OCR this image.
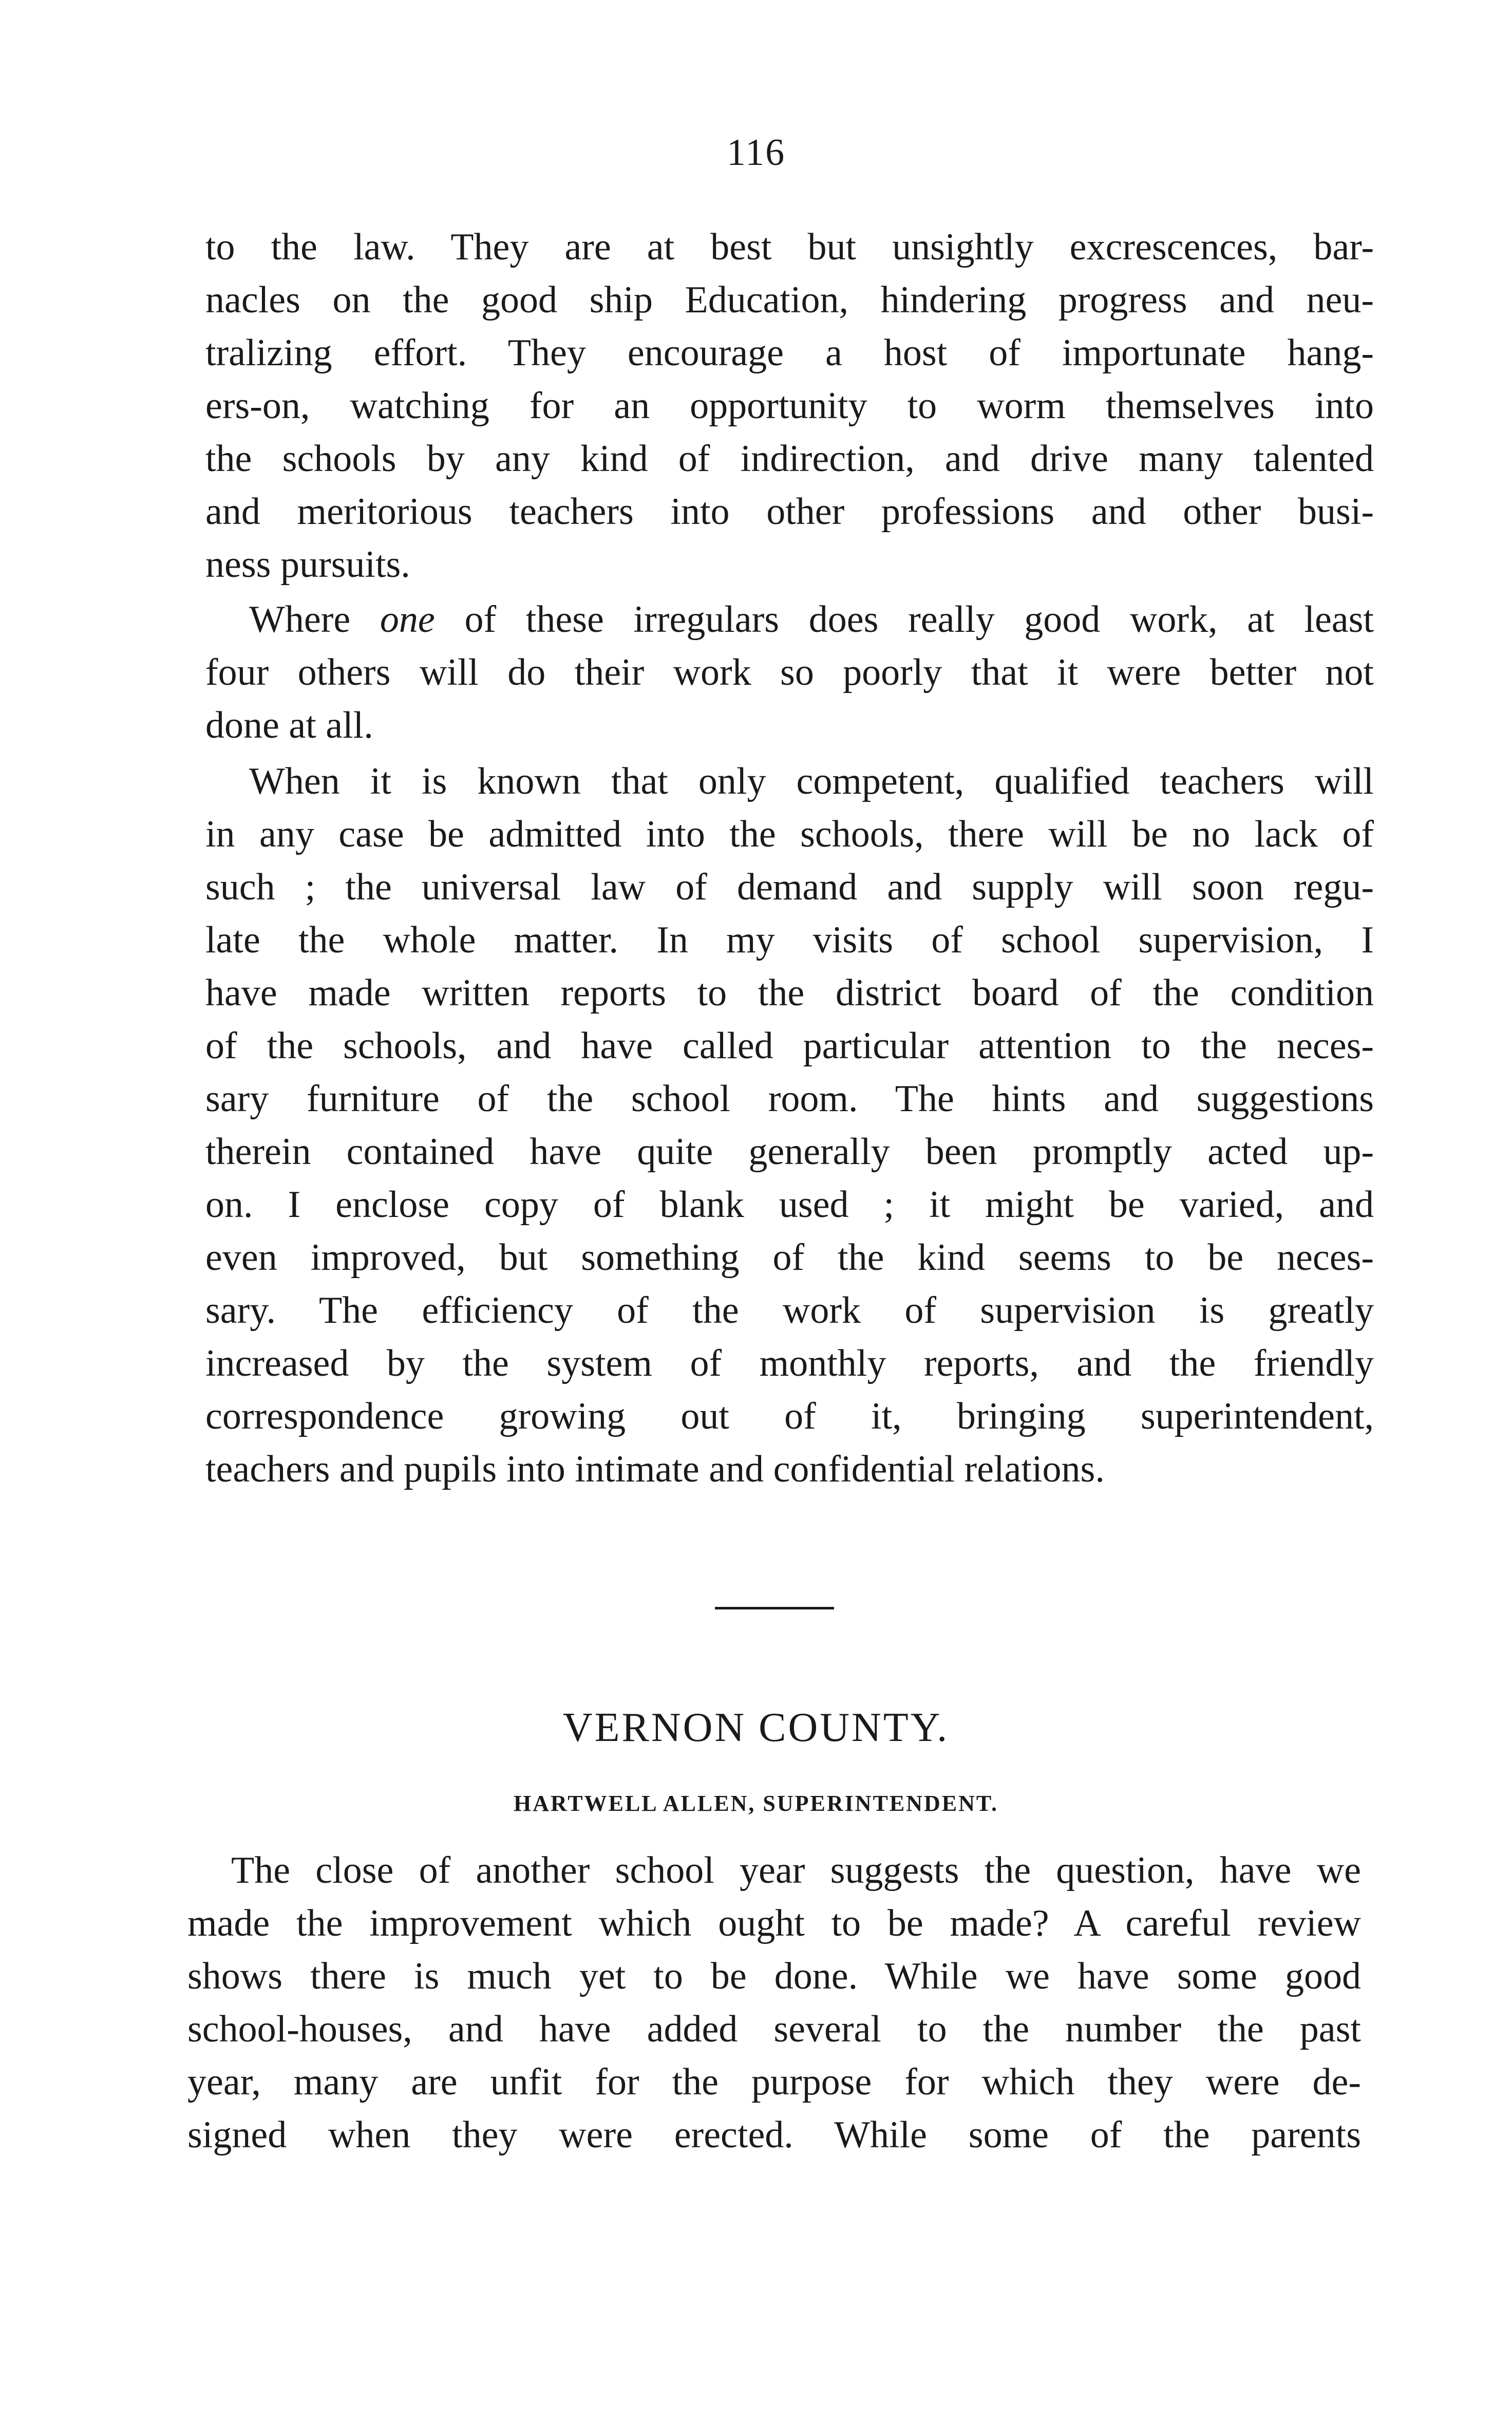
116
to the law. They are at best but unsightly excrescences, bar-
nacles on the good ship Education, hindering progress and neu-
tralizing effort. They encourage a host of importunate hang-
ers-on, watching for an opportunity to worm themselves into
the schools by any kind of indirection, and drive many talented
and meritorious teachers into other professions and other busi-
ness pursuits.
Where one of these irregulars does really good work, at least
four others will do their work so poorly that it were better not
done at all.
When it is known that only competent, qualified teachers will
in any case be admitted into the schools, there will be no lack of
such ; the universal law of demand and supply will soon regu-
late the whole matter. In my visits of school supervision, I
have made written reports to the district board of the condition
of the schools, and have called particular attention to the neces-
sary furniture of the school room. The hints and suggestions
therein contained have quite generally been promptly acted up-
on. I enclose copy of blank used ; it might be varied, and
even improved, but something of the kind seems to be neces-
sary. The efficiency of the work of supervision is greatly
increased by the system of monthly reports, and the friendly
correspondence growing out of it, bringing superintendent,
teachers and pupils into intimate and confidential relations.
VERNON COUNTY.
HARTWELL ALLEN, SUPERINTENDENT.
The close of another school year suggests the question, have we
made the improvement which ought to be made? A careful review
shows there is much yet to be done. While we have some good
school-houses, and have added several to the number the past
year, many are unfit for the purpose for which they were de-
signed when they were erected. While some of the parents
